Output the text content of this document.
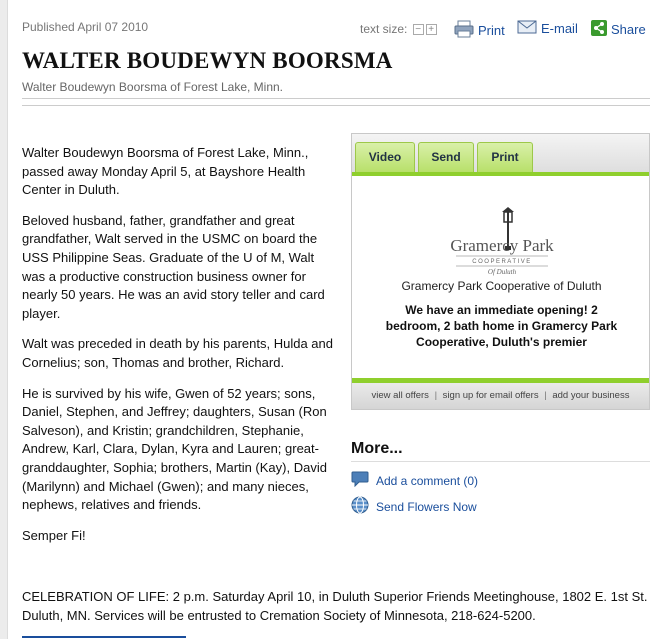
Published April 07 2010	text size:
− +	Print	E-mail	Share
WALTER BOUDEWYN BOORSMA
Walter Boudewyn Boorsma of Forest Lake, Minn.

Walter Boudewyn Boorsma of Forest Lake, Minn., passed away Monday April 5, at Bayshore Health Center in Duluth.

Beloved husband, father, grandfather and great grandfather, Walt served in the USMC on board the USS Philippine Seas. Graduate of the U of M, Walt was a productive construction business owner for nearly 50 years. He was an avid story teller and card player.

Walt was preceded in death by his parents, Hulda and Cornelius; son, Thomas and brother, Richard.

He is survived by his wife, Gwen of 52 years; sons, Daniel, Stephen, and Jeffrey; daughters, Susan (Ron Salveson), and Kristin; grandchildren, Stephanie, Andrew, Karl, Clara, Dylan, Kyra and Lauren; great-granddaughter, Sophia; brothers, Martin (Kay), David (Marilynn) and Michael (Gwen); and many nieces, nephews, relatives and friends.

Semper Fi!

CELEBRATION OF LIFE: 2 p.m. Saturday April 10, in Duluth Superior Friends Meetinghouse, 1802 E. 1st St. Duluth, MN. Services will be entrusted to Cremation Society of Minnesota, 218-624-5200.
Video	Send	Print
Gramercy Park
COOPERATIVE
Of Duluth
Gramercy Park Cooperative of Duluth
We have an immediate opening! 2 bedroom, 2 bath home in Gramercy Park Cooperative, Duluth's premier
view all offers | sign up for email offers | add your business
More...
Add a comment (0)
Send Flowers Now
